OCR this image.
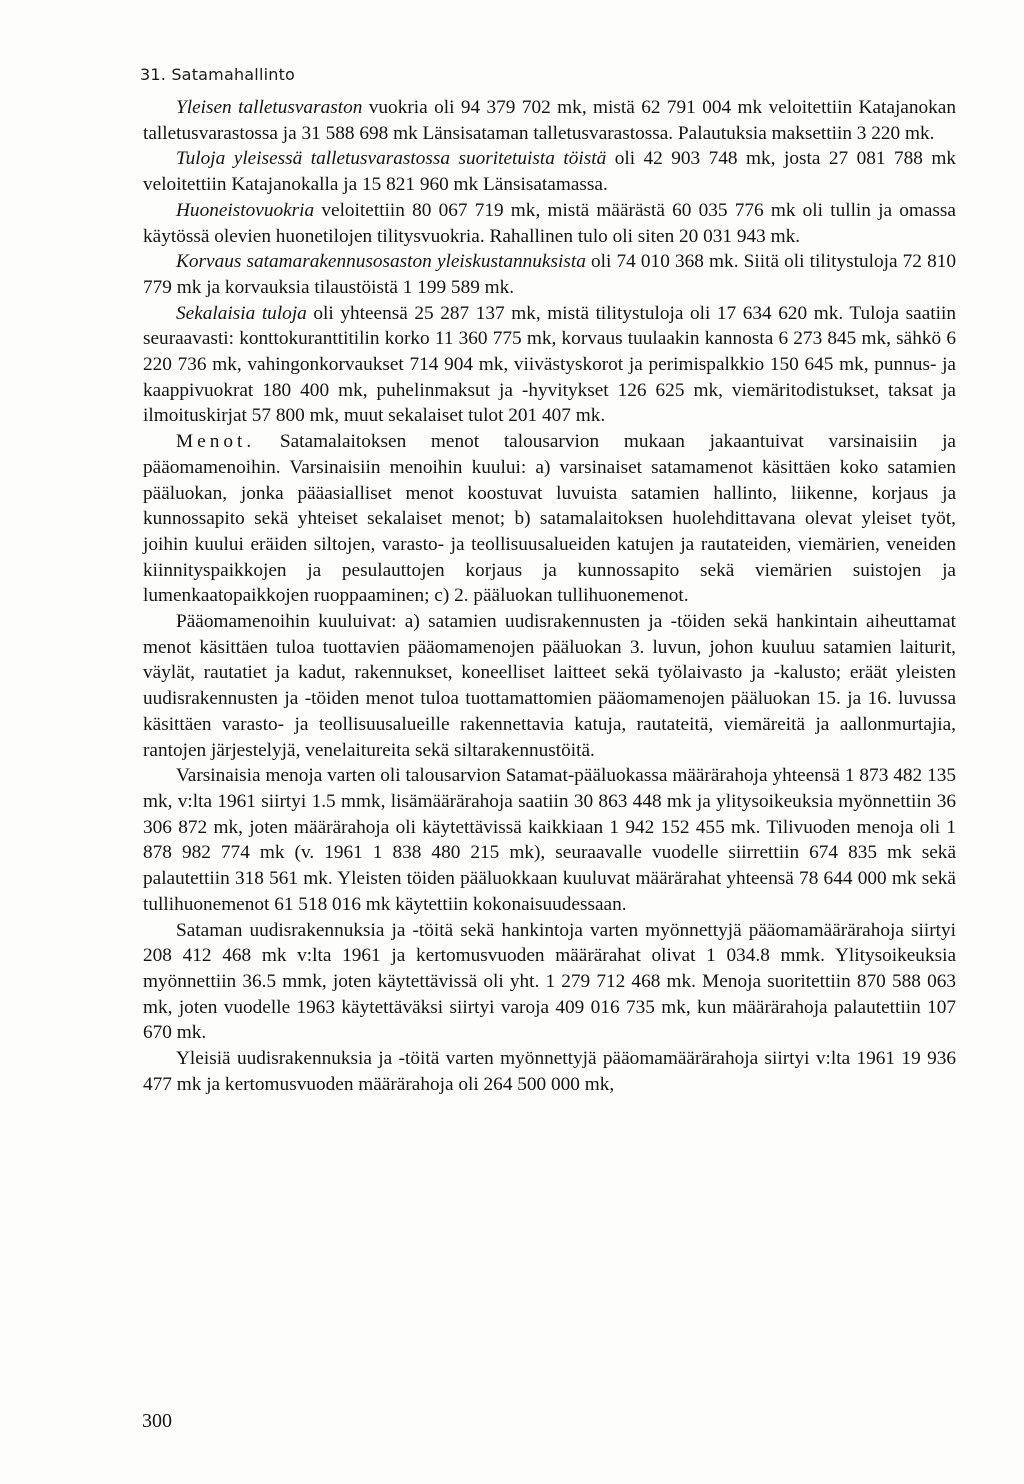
31. Satamahallinto

Yleisen talletusvaraston vuokria oli 94 379 702 mk, mistä 62 791 004 mk veloitettiin Katajanokan talletusvarastossa ja 31 588 698 mk Länsisataman talletusvarastossa. Palautuksia maksettiin 3 220 mk.

Tuloja yleisessä talletusvarastossa suoritetuista töistä oli 42 903 748 mk, josta 27 081 788 mk veloitettiin Katajanokalla ja 15 821 960 mk Länsisatamassa.

Huoneistovuokria veloitettiin 80 067 719 mk, mistä määrästä 60 035 776 mk oli tullin ja omassa käytössä olevien huonetilojen tilitysvuokria. Rahallinen tulo oli siten 20 031 943 mk.

Korvaus satamarakennusosaston yleiskustannuksista oli 74 010 368 mk. Siitä oli tilitystuloja 72 810 779 mk ja korvauksia tilaustöistä 1 199 589 mk.

Sekalaisia tuloja oli yhteensä 25 287 137 mk, mistä tilitystuloja oli 17 634 620 mk. Tuloja saatiin seuraavasti: konttokuranttitilin korko 11 360 775 mk, korvaus tuulaakin kannosta 6 273 845 mk, sähkö 6 220 736 mk, vahingonkorvaukset 714 904 mk, viivästyskorot ja perimispalkkio 150 645 mk, punnus- ja kaappivuokrat 180 400 mk, puhelinmaksut ja -hyvitykset 126 625 mk, viemäritodistukset, taksat ja ilmoituskirjat 57 800 mk, muut sekalaiset tulot 201 407 mk.

Menot. Satamalaitoksen menot talousarvion mukaan jakaantuivat varsinaisiin ja pääomamenoihin. Varsinaisiin menoihin kuului: a) varsinaiset satamamenot käsittäen koko satamien pääluokan, jonka pääasialliset menot koostuvat luvuista satamien hallinto, liikenne, korjaus ja kunnossapito sekä yhteiset sekalaiset menot; b) satamalaitoksen huolehdittavana olevat yleiset työt, joihin kuului eräiden siltojen, varasto- ja teollisuusalueiden katujen ja rautateiden, viemärien, veneiden kiinnityspaikkojen ja pesulauttojen korjaus ja kunnossapito sekä viemärien suistojen ja lumenkaatopaikkojen ruoppaaminen; c) 2. pääluokan tullihuonemenot.

Pääomamenoihin kuuluivat: a) satamien uudisrakennusten ja -töiden sekä hankintain aiheuttamat menot käsittäen tuloa tuottavien pääomamenojen pääluokan 3. luvun, johon kuuluu satamien laiturit, väylät, rautatiet ja kadut, rakennukset, koneelliset laitteet sekä työlaivasto ja -kalusto; eräät yleisten uudisrakennusten ja -töiden menot tuloa tuottamattomien pääomamenojen pääluokan 15. ja 16. luvussa käsittäen varasto- ja teollisuusalueille rakennettavia katuja, rautateitä, viemäreitä ja aallonmurtajia, rantojen järjestelyjä, venelaitureita sekä siltarakennustöitä.

Varsinaisia menoja varten oli talousarvion Satamat-pääluokassa määrärahoja yhteensä 1 873 482 135 mk, v:lta 1961 siirtyi 1.5 mmk, lisämäärärahoja saatiin 30 863 448 mk ja ylitysoikeuksia myönnettiin 36 306 872 mk, joten määrärahoja oli käytettävissä kaikkiaan 1 942 152 455 mk. Tilivuoden menoja oli 1 878 982 774 mk (v. 1961 1 838 480 215 mk), seuraavalle vuodelle siirrettiin 674 835 mk sekä palautettiin 318 561 mk. Yleisten töiden pääluokkaan kuuluvat määrärahat yhteensä 78 644 000 mk sekä tullihuonemenot 61 518 016 mk käytettiin kokonaisuudessaan.

Sataman uudisrakennuksia ja -töitä sekä hankintoja varten myönnettyjä pääomamäärärahoja siirtyi 208 412 468 mk v:lta 1961 ja kertomusvuoden määrärahat olivat 1 034.8 mmk. Ylitysoikeuksia myönnettiin 36.5 mmk, joten käytettävissä oli yht. 1 279 712 468 mk. Menoja suoritettiin 870 588 063 mk, joten vuodelle 1963 käytettäväksi siirtyi varoja 409 016 735 mk, kun määrärahoja palautettiin 107 670 mk.

Yleisiä uudisrakennuksia ja -töitä varten myönnettyjä pääomamäärärahoja siirtyi v:lta 1961 19 936 477 mk ja kertomusvuoden määrärahoja oli 264 500 000 mk,

300
